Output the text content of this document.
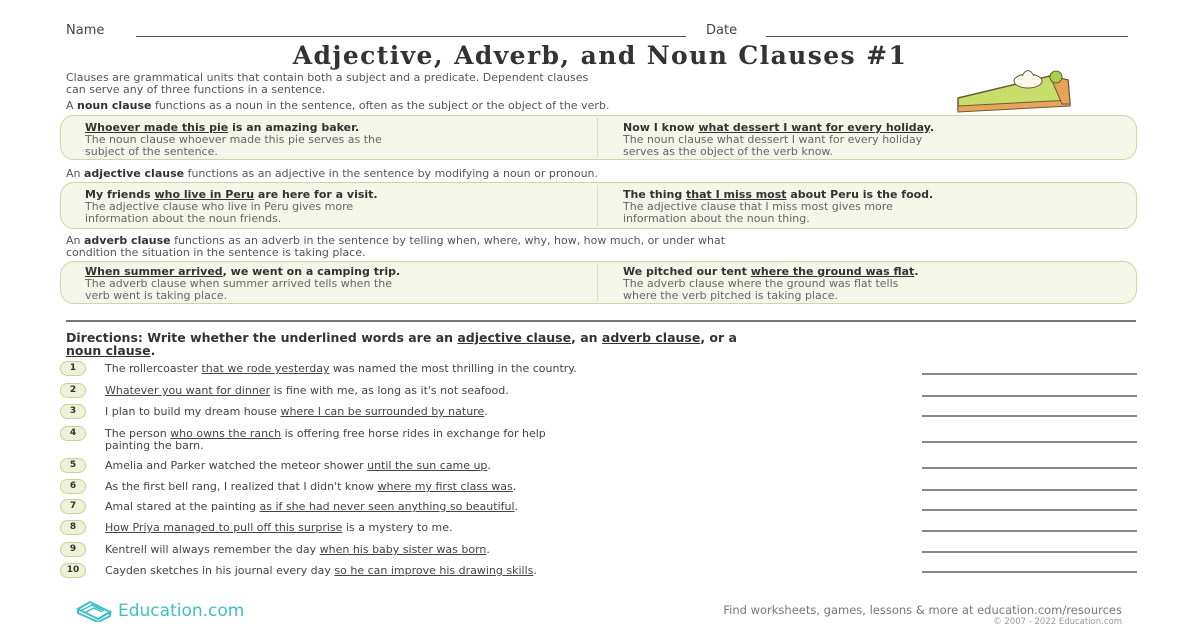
Name	Date
Adjective, Adverb, and Noun Clauses #1
Clauses are grammatical units that contain both a subject and a predicate. Dependent clauses
can serve any of three functions in a sentence.
A noun clause functions as a noun in the sentence, often as the subject or the object of the verb.
Whoever made this pie is an amazing baker.
The noun clause whoever made this pie serves as the
subject of the sentence.
Now I know what dessert I want for every holiday.
The noun clause what dessert I want for every holiday
serves as the object of the verb know.
An adjective clause functions as an adjective in the sentence by modifying a noun or pronoun.
My friends who live in Peru are here for a visit.
The adjective clause who live in Peru gives more
information about the noun friends.
The thing that I miss most about Peru is the food.
The adjective clause that I miss most gives more
information about the noun thing.
An adverb clause functions as an adverb in the sentence by telling when, where, why, how, how much, or under what
condition the situation in the sentence is taking place.
When summer arrived, we went on a camping trip.
The adverb clause when summer arrived tells when the
verb went is taking place.
We pitched our tent where the ground was flat.
The adverb clause where the ground was flat tells
where the verb pitched is taking place.
Directions: Write whether the underlined words are an adjective clause, an adverb clause, or a
noun clause.
1	The rollercoaster that we rode yesterday was named the most thrilling in the country.
2	Whatever you want for dinner is fine with me, as long as it's not seafood.
3	I plan to build my dream house where I can be surrounded by nature.
4	The person who owns the ranch is offering free horse rides in exchange for help
painting the barn.
5	Amelia and Parker watched the meteor shower until the sun came up.
6	As the first bell rang, I realized that I didn't know where my first class was.
7	Amal stared at the painting as if she had never seen anything so beautiful.
8	How Priya managed to pull off this surprise is a mystery to me.
9	Kentrell will always remember the day when his baby sister was born.
10	Cayden sketches in his journal every day so he can improve his drawing skills.
Education.com	Find worksheets, games, lessons & more at education.com/resources
© 2007 - 2022 Education.com
